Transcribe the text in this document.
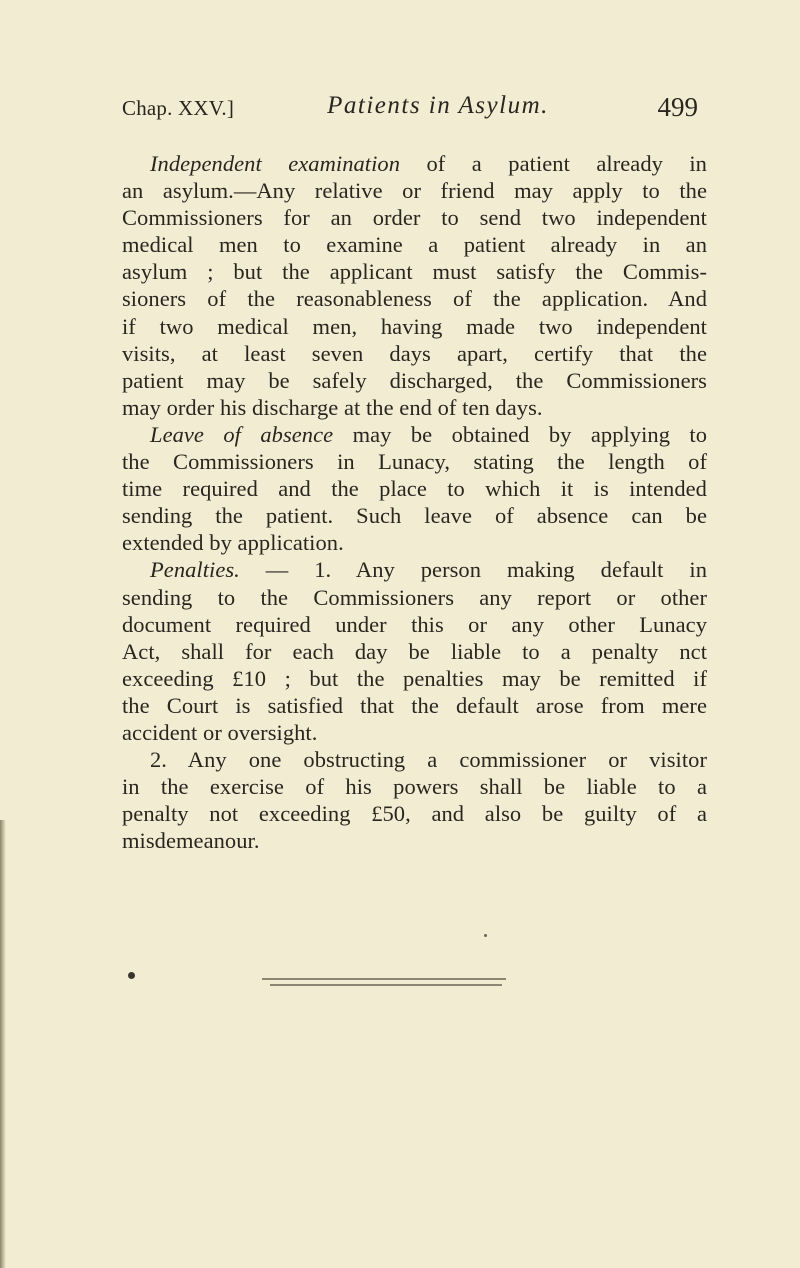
Chap. XXV.]	Patients in Asylum.	499
Independent examination of a patient already in
an asylum.—Any relative or friend may apply to the
Commissioners for an order to send two independent
medical men to examine a patient already in an
asylum ; but the applicant must satisfy the Commis-
sioners of the reasonableness of the application. And
if two medical men, having made two independent
visits, at least seven days apart, certify that the
patient may be safely discharged, the Commissioners
may order his discharge at the end of ten days.
Leave of absence may be obtained by applying to
the Commissioners in Lunacy, stating the length of
time required and the place to which it is intended
sending the patient. Such leave of absence can be
extended by application.
Penalties. — 1. Any person making default in
sending to the Commissioners any report or other
document required under this or any other Lunacy
Act, shall for each day be liable to a penalty nct
exceeding £10 ; but the penalties may be remitted if
the Court is satisfied that the default arose from mere
accident or oversight.
2. Any one obstructing a commissioner or visitor
in the exercise of his powers shall be liable to a
penalty not exceeding £50, and also be guilty of a
misdemeanour.
